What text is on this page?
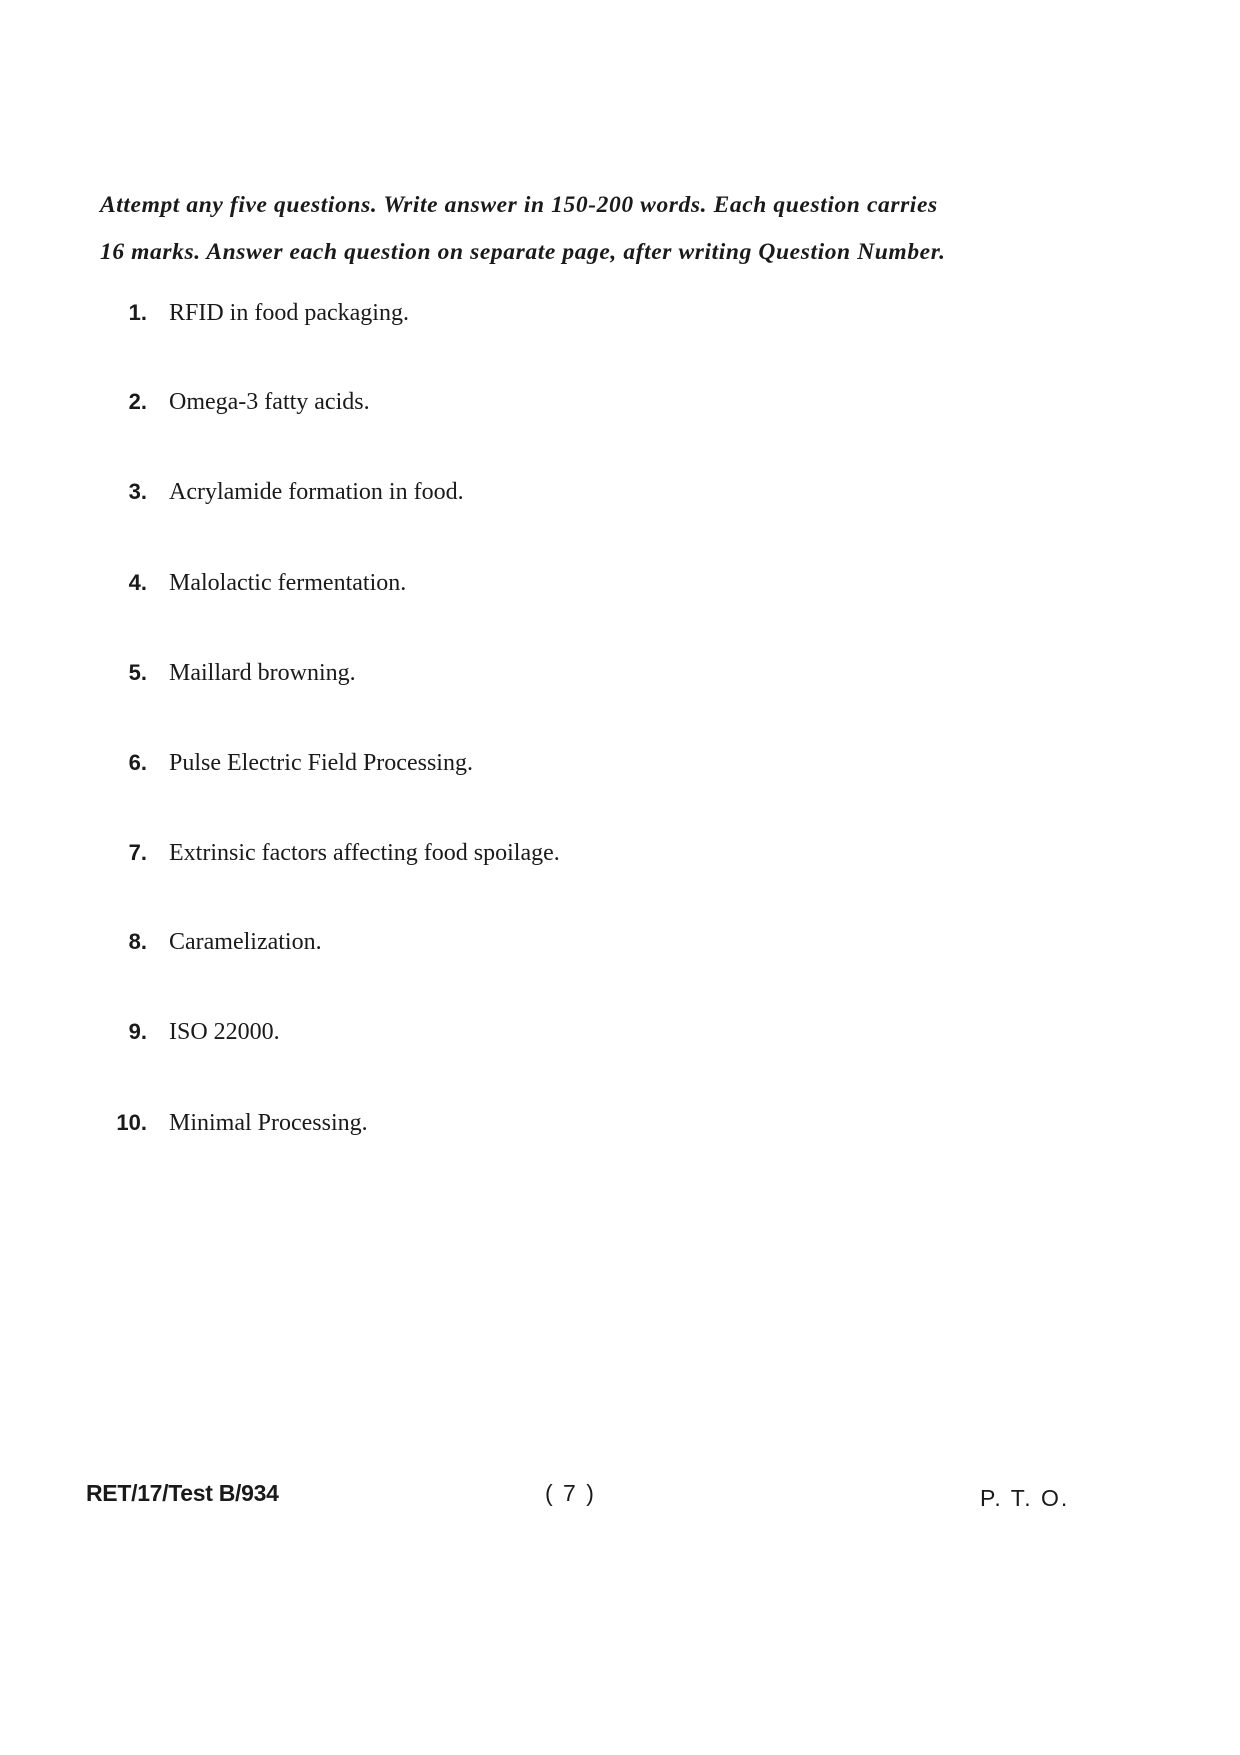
Attempt any five questions. Write answer in 150-200 words. Each question carries
16 marks. Answer each question on separate page, after writing Question Number.
1. RFID in food packaging.
2. Omega-3 fatty acids.
3. Acrylamide formation in food.
4. Malolactic fermentation.
5. Maillard browning.
6. Pulse Electric Field Processing.
7. Extrinsic factors affecting food spoilage.
8. Caramelization.
9. ISO 22000.
10. Minimal Processing.
RET/17/Test B/934	( 7 )	P. T. O.
